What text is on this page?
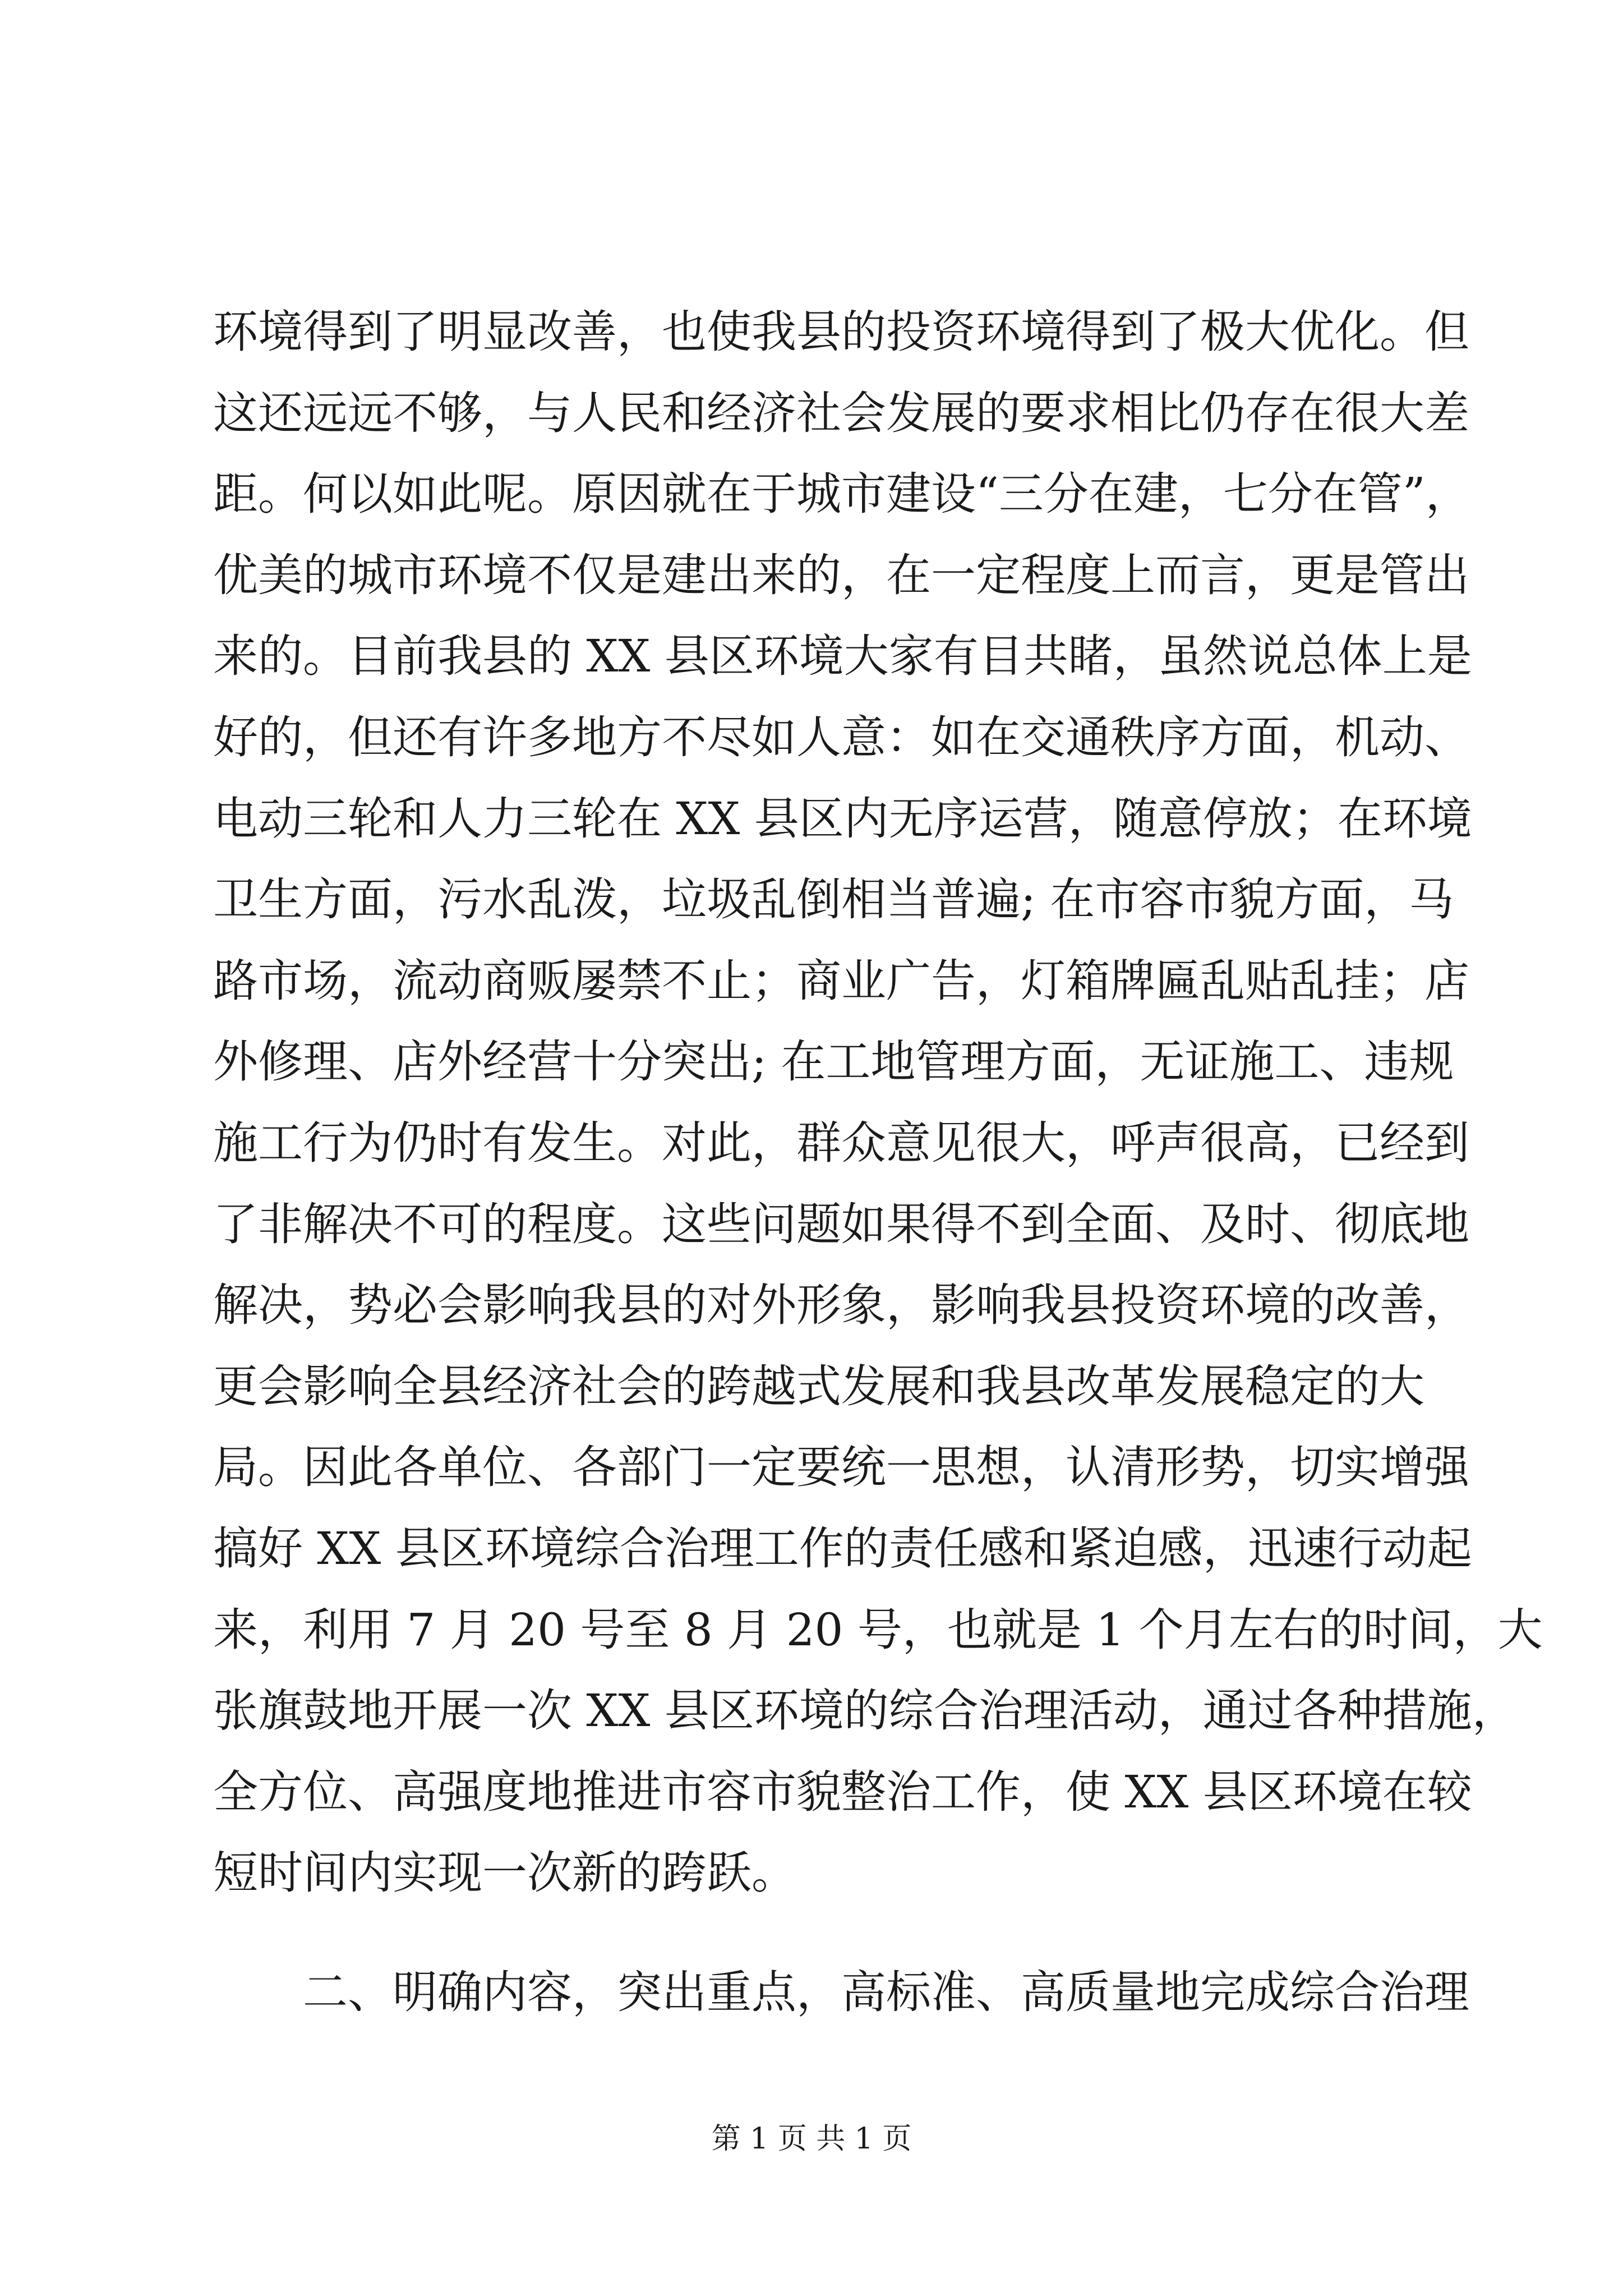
环境得到了明显改善，也使我县的投资环境得到了极大优化。但
这还远远不够，与人民和经济社会发展的要求相比仍存在很大差
距。何以如此呢。原因就在于城市建设“三分在建，七分在管”，
优美的城市环境不仅是建出来的，在一定程度上而言，更是管出
来的。目前我县的 XX 县区环境大家有目共睹，虽然说总体上是
好的，但还有许多地方不尽如人意：如在交通秩序方面，机动、
电动三轮和人力三轮在 XX 县区内无序运营，随意停放；在环境
卫生方面，污水乱泼，垃圾乱倒相当普遍; 在市容市貌方面，马
路市场，流动商贩屡禁不止；商业广告，灯箱牌匾乱贴乱挂；店
外修理、店外经营十分突出; 在工地管理方面，无证施工、违规
施工行为仍时有发生。对此，群众意见很大，呼声很高，已经到
了非解决不可的程度。这些问题如果得不到全面、及时、彻底地
解决，势必会影响我县的对外形象，影响我县投资环境的改善，
更会影响全县经济社会的跨越式发展和我县改革发展稳定的大
局。因此各单位、各部门一定要统一思想，认清形势，切实增强
搞好 XX 县区环境综合治理工作的责任感和紧迫感，迅速行动起
来，利用 7 月 20 号至 8 月 20 号，也就是 1 个月左右的时间，大
张旗鼓地开展一次 XX 县区环境的综合治理活动，通过各种措施，
全方位、高强度地推进市容市貌整治工作，使 XX 县区环境在较
短时间内实现一次新的跨跃。

二、明确内容，突出重点，高标准、高质量地完成综合治理

第 1 页 共 1 页
